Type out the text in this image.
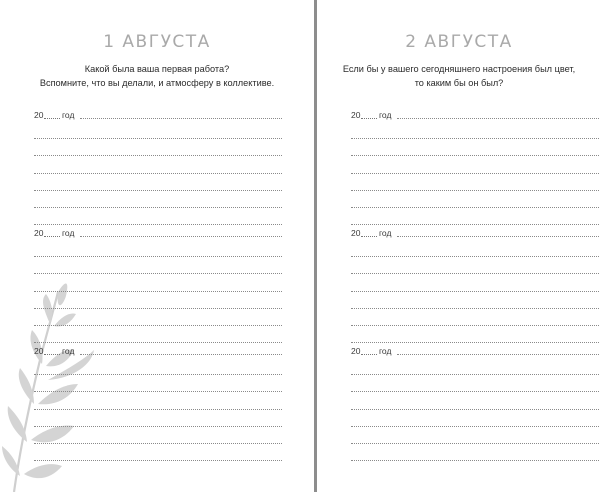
1 АВГУСТА
Какой была ваша первая работа?
Вспомните, что вы делали, и атмосферу в коллективе.
20 год
20 год
20 год
2 АВГУСТА
Если бы у вашего сегодняшнего настроения был цвет,
то каким бы он был?
20 год
20 год
20 год
